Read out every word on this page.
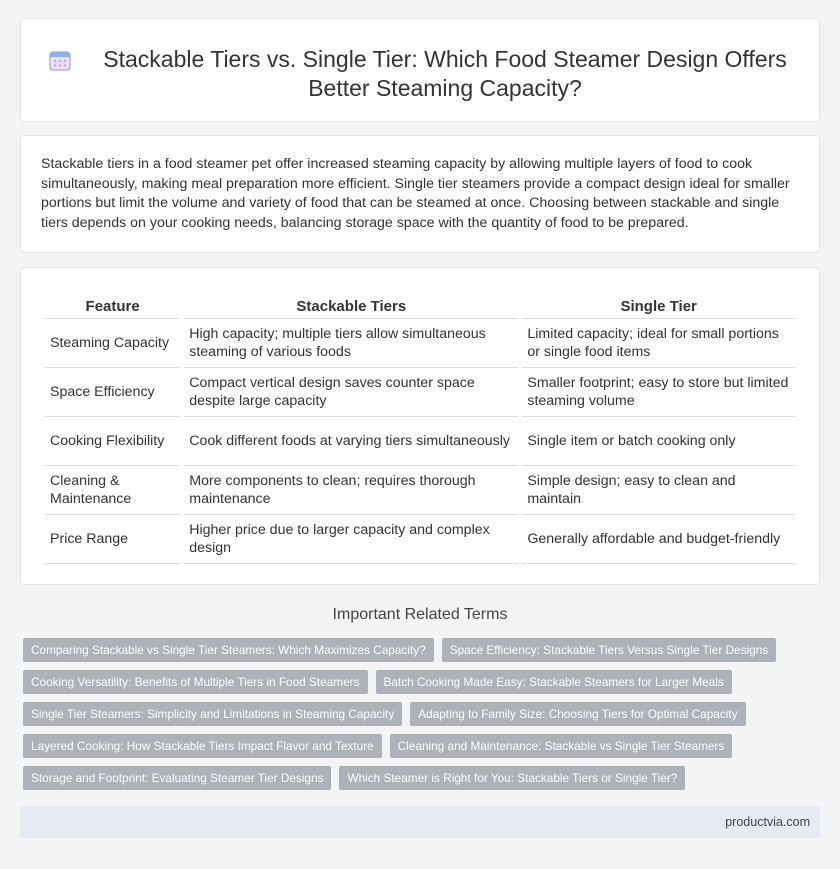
Stackable Tiers vs. Single Tier: Which Food Steamer Design Offers Better Steaming Capacity?

Stackable tiers in a food steamer pet offer increased steaming capacity by allowing multiple layers of food to cook simultaneously, making meal preparation more efficient. Single tier steamers provide a compact design ideal for smaller portions but limit the volume and variety of food that can be steamed at once. Choosing between stackable and single tiers depends on your cooking needs, balancing storage space with the quantity of food to be prepared.

Feature	Stackable Tiers	Single Tier
Steaming Capacity	High capacity; multiple tiers allow simultaneous steaming of various foods	Limited capacity; ideal for small portions or single food items
Space Efficiency	Compact vertical design saves counter space despite large capacity	Smaller footprint; easy to store but limited steaming volume
Cooking Flexibility	Cook different foods at varying tiers simultaneously	Single item or batch cooking only
Cleaning & Maintenance	More components to clean; requires thorough maintenance	Simple design; easy to clean and maintain
Price Range	Higher price due to larger capacity and complex design	Generally affordable and budget-friendly
Important Related Terms
Comparing Stackable vs Single Tier Steamers: Which Maximizes Capacity?	Space Efficiency: Stackable Tiers Versus Single Tier Designs
Cooking Versatility: Benefits of Multiple Tiers in Food Steamers	Batch Cooking Made Easy: Stackable Steamers for Larger Meals
Single Tier Steamers: Simplicity and Limitations in Steaming Capacity	Adapting to Family Size: Choosing Tiers for Optimal Capacity
Layered Cooking: How Stackable Tiers Impact Flavor and Texture	Cleaning and Maintenance: Stackable vs Single Tier Steamers
Storage and Footprint: Evaluating Steamer Tier Designs	Which Steamer is Right for You: Stackable Tiers or Single Tier?
productvia.com
